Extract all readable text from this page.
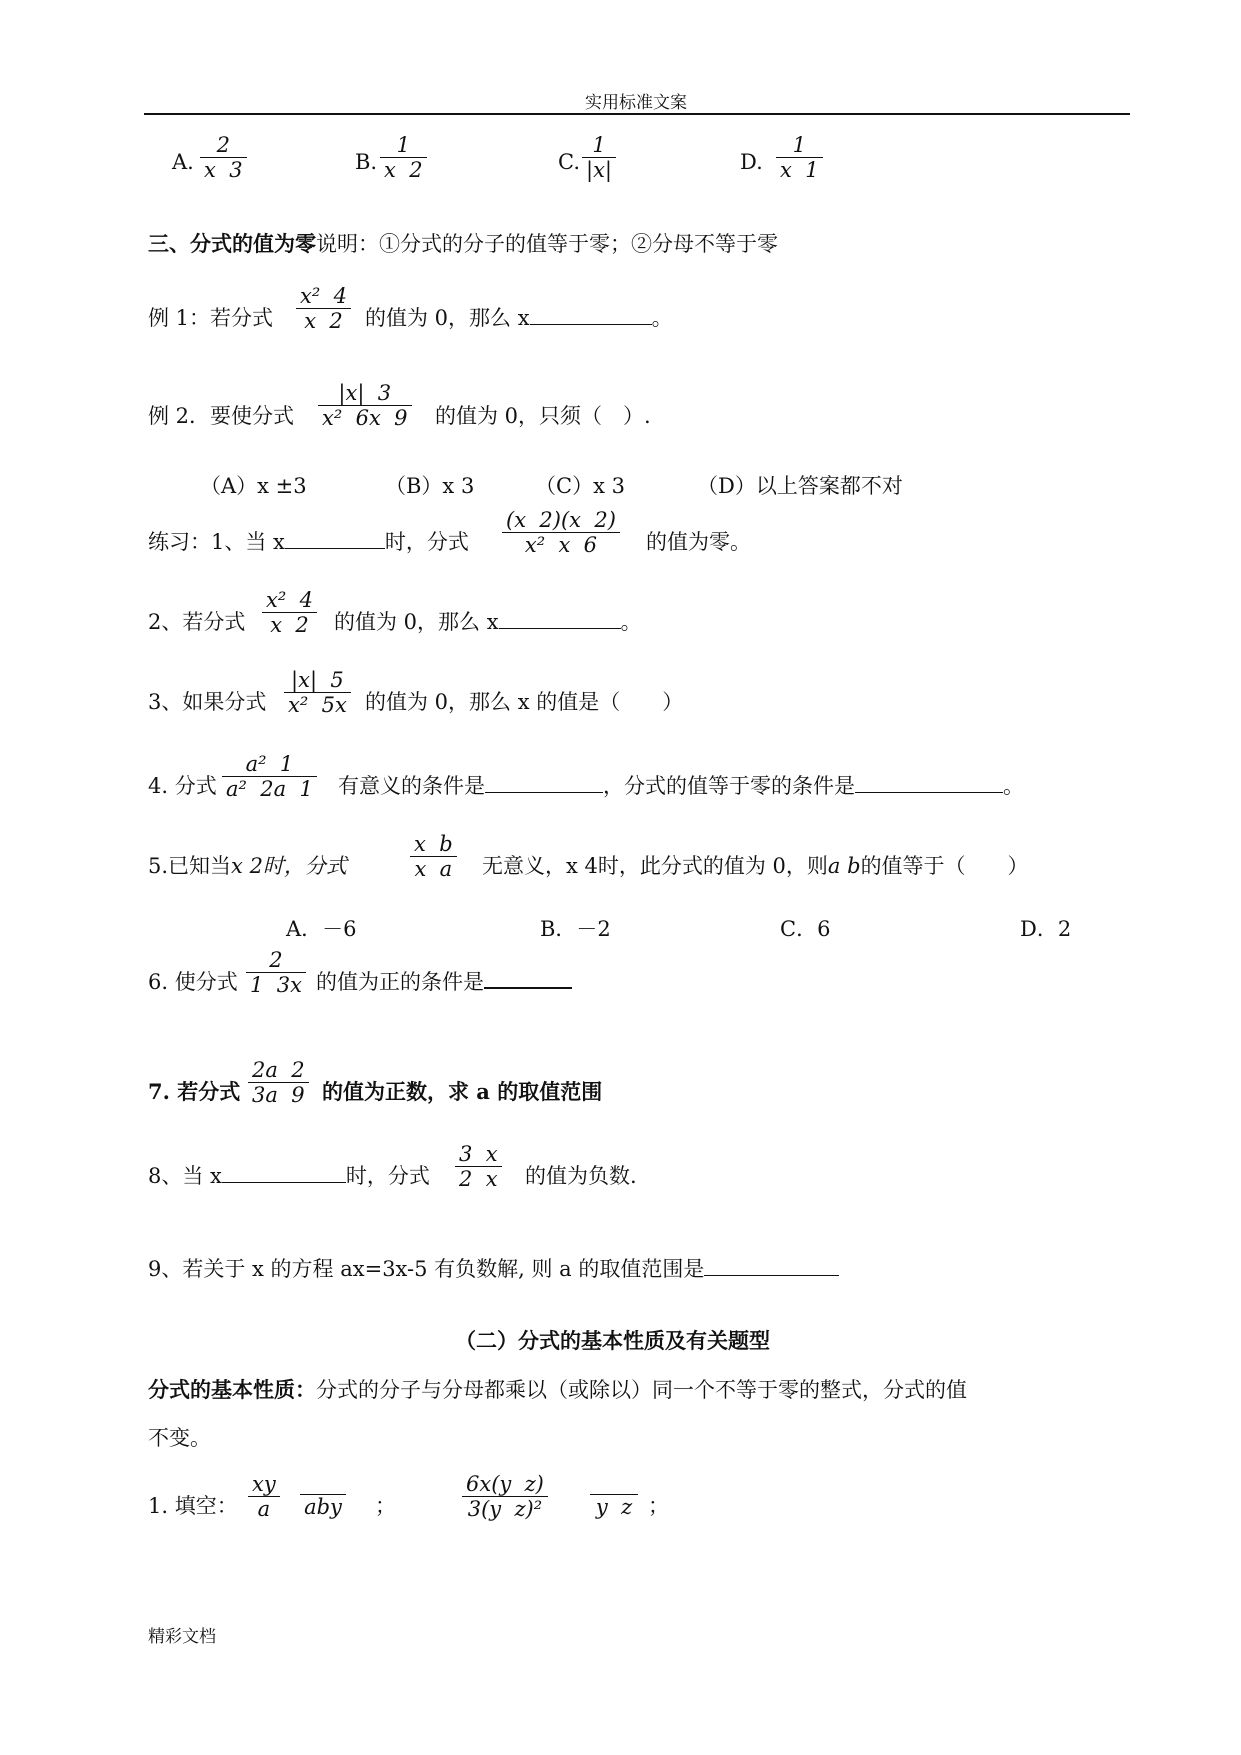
实用标准文案
A.
2
x  3	B.
1
x  2	C.
1
|x|	D.
1
x  1
三、分式的值为零说明：①分式的分子的值等于零；②分母不等于零
例 1：若分式
x²  4
x  2	的值为 0，那么 x	。
例 2．要使分式
|x|  3
x²  6x  9 的值为 0，只须（　）.
（A）x ±3	（B）x 3	（C）x 3	（D）以上答案都不对
练习：1、当 x	时，分式
(x  2)(x  2)
x²  x  6	的值为零。
2、若分式
x²  4
x  2	的值为 0，那么 x	。
3、如果分式
|x|  5
x²  5x 的值为 0，那么 x 的值是（　　）
4. 分式
a²  1
a²  2a  1 有意义的条件是	，分式的值等于零的条件是	。
5.已知当x 2时，分式
x  b
x  a 无意义，x 4时，此分式的值为 0，则a b的值等于（　　）
A．－6	B．－2	C．6	D．2
6. 使分式
2
1  3x 的值为正的条件是
7. 若分式
2a  2
3a  9 的值为正数，求 a 的取值范围
8、当 x	时，分式
3  x
2  x 的值为负数.
9、若关于 x 的方程 ax=3x-5 有负数解, 则 a 的取值范围是
（二）分式的基本性质及有关题型
分式的基本性质：分式的分子与分母都乘以（或除以）同一个不等于零的整式，分式的值
不变。
1. 填空：
xy
a
	aby ；
6x(y  z)
3(y  z)²
	y  z ；
精彩文档
